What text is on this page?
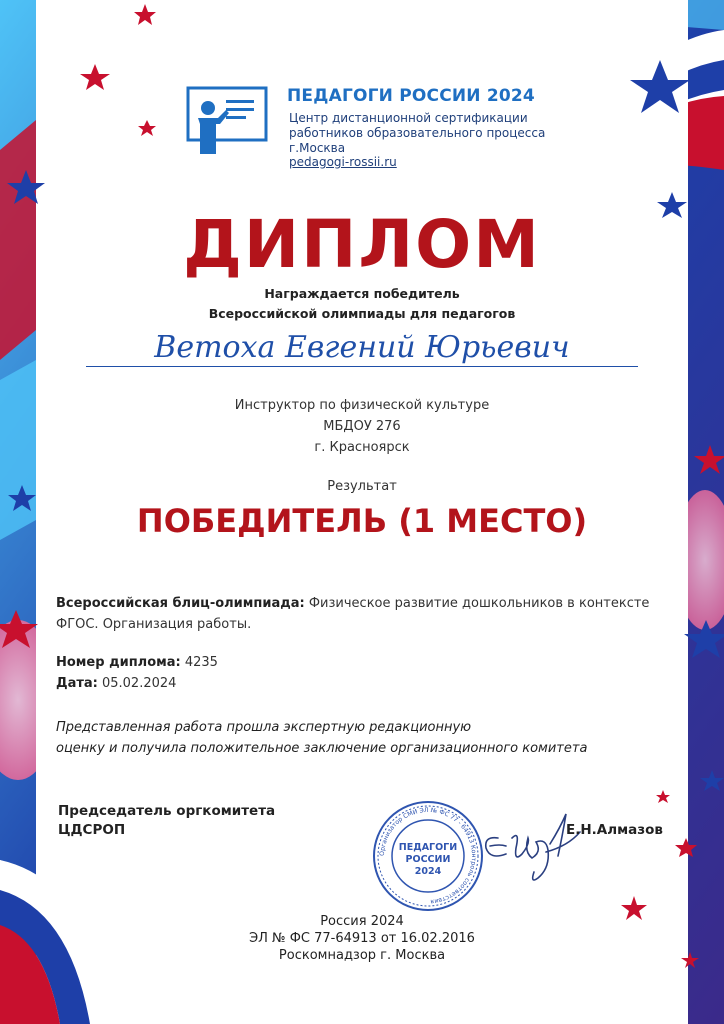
ПЕДАГОГИ РОССИИ 2024
Центр дистанционной сертификации
работников образовательного процесса
г.Москва
pedagogi-rossii.ru
ДИПЛОМ
Награждается победитель
Всероссийской олимпиады для педагогов
Ветоха Евгений Юрьевич
Инструктор по физической культуре
МБДОУ 276
г. Красноярск
Результат
ПОБЕДИТЕЛЬ (1 МЕСТО)
Всероссийская блиц-олимпиада: Физическое развитие дошкольников в контексте ФГОС. Организация работы.
Номер диплома: 4235
Дата: 05.02.2024
Представленная работа прошла экспертную редакционную
оценку и получила положительное заключение организационного комитета
Председатель оргкомитета
ЦДСРОП
Организатор СМИ ЭЛ № ФС 77 - 64913 Контроль соответствия
ПЕДАГОГИ
РОССИИ
2024
Е.Н.Алмазов
Россия 2024
ЭЛ № ФС 77-64913 от 16.02.2016
Роскомнадзор г. Москва
